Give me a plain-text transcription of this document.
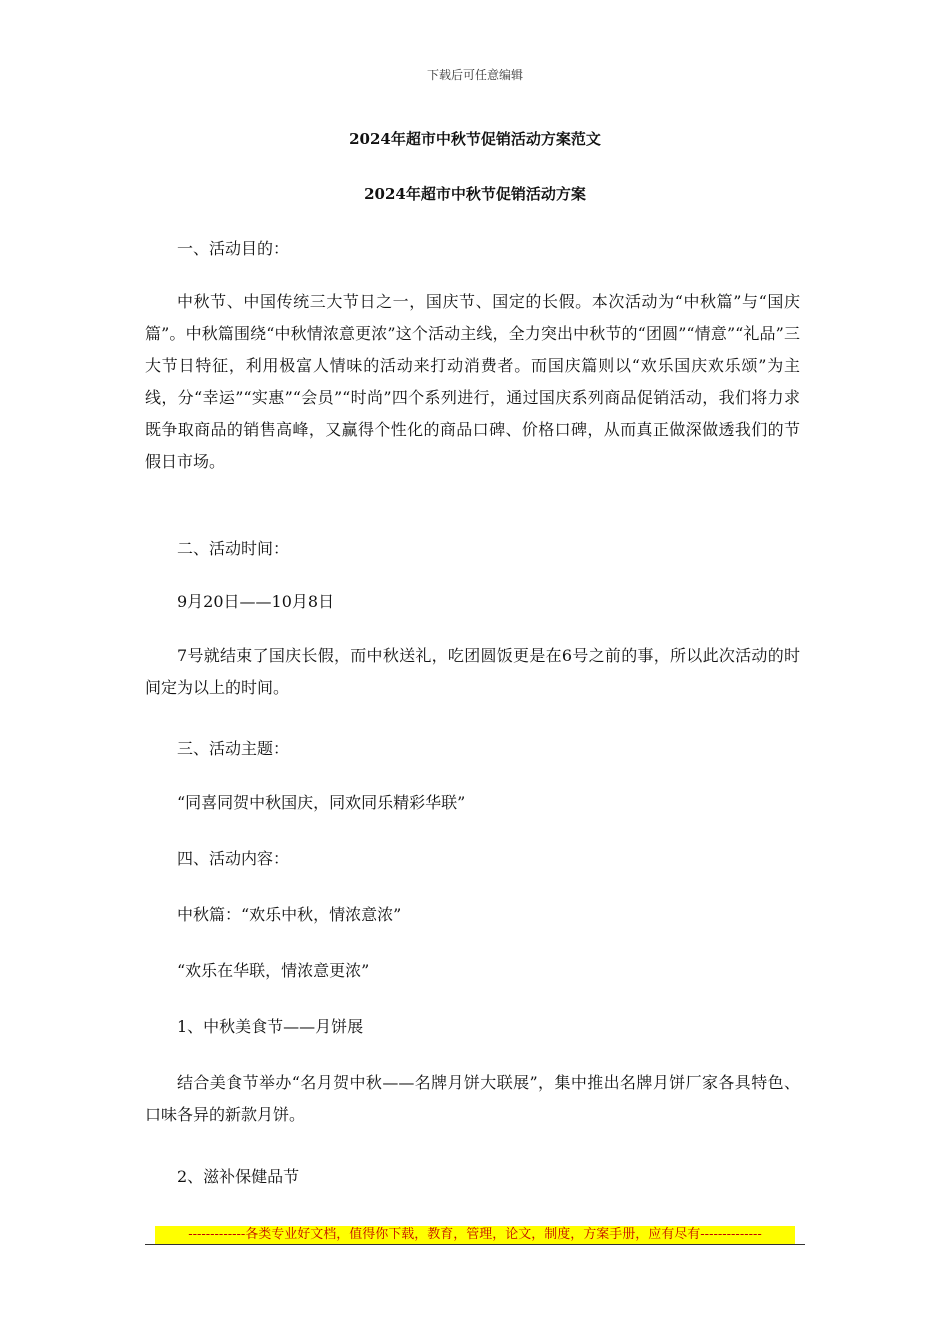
下载后可任意编辑
2024年超市中秋节促销活动方案范文
2024年超市中秋节促销活动方案
一、活动目的：
中秋节、中国传统三大节日之一，国庆节、国定的长假。本次活动为“中秋篇”与“国庆篇”。中秋篇围绕“中秋情浓意更浓”这个活动主线，全力突出中秋节的“团圆”“情意”“礼品”三大节日特征，利用极富人情味的活动来打动消费者。而国庆篇则以“欢乐国庆欢乐颂”为主线，分“幸运”“实惠”“会员”“时尚”四个系列进行，通过国庆系列商品促销活动，我们将力求既争取商品的销售高峰，又赢得个性化的商品口碑、价格口碑，从而真正做深做透我们的节假日市场。
二、活动时间：
9月20日——10月8日
7号就结束了国庆长假，而中秋送礼，吃团圆饭更是在6号之前的事，所以此次活动的时间定为以上的时间。
三、活动主题：
“同喜同贺中秋国庆，同欢同乐精彩华联”
四、活动内容：
中秋篇：“欢乐中秋，情浓意浓”
“欢乐在华联，情浓意更浓”
1、中秋美食节——月饼展
结合美食节举办“名月贺中秋——名牌月饼大联展”，集中推出名牌月饼厂家各具特色、口味各异的新款月饼。
2、滋补保健品节
-------------各类专业好文档，值得你下载，教育，管理，论文，制度，方案手册，应有尽有--------------
